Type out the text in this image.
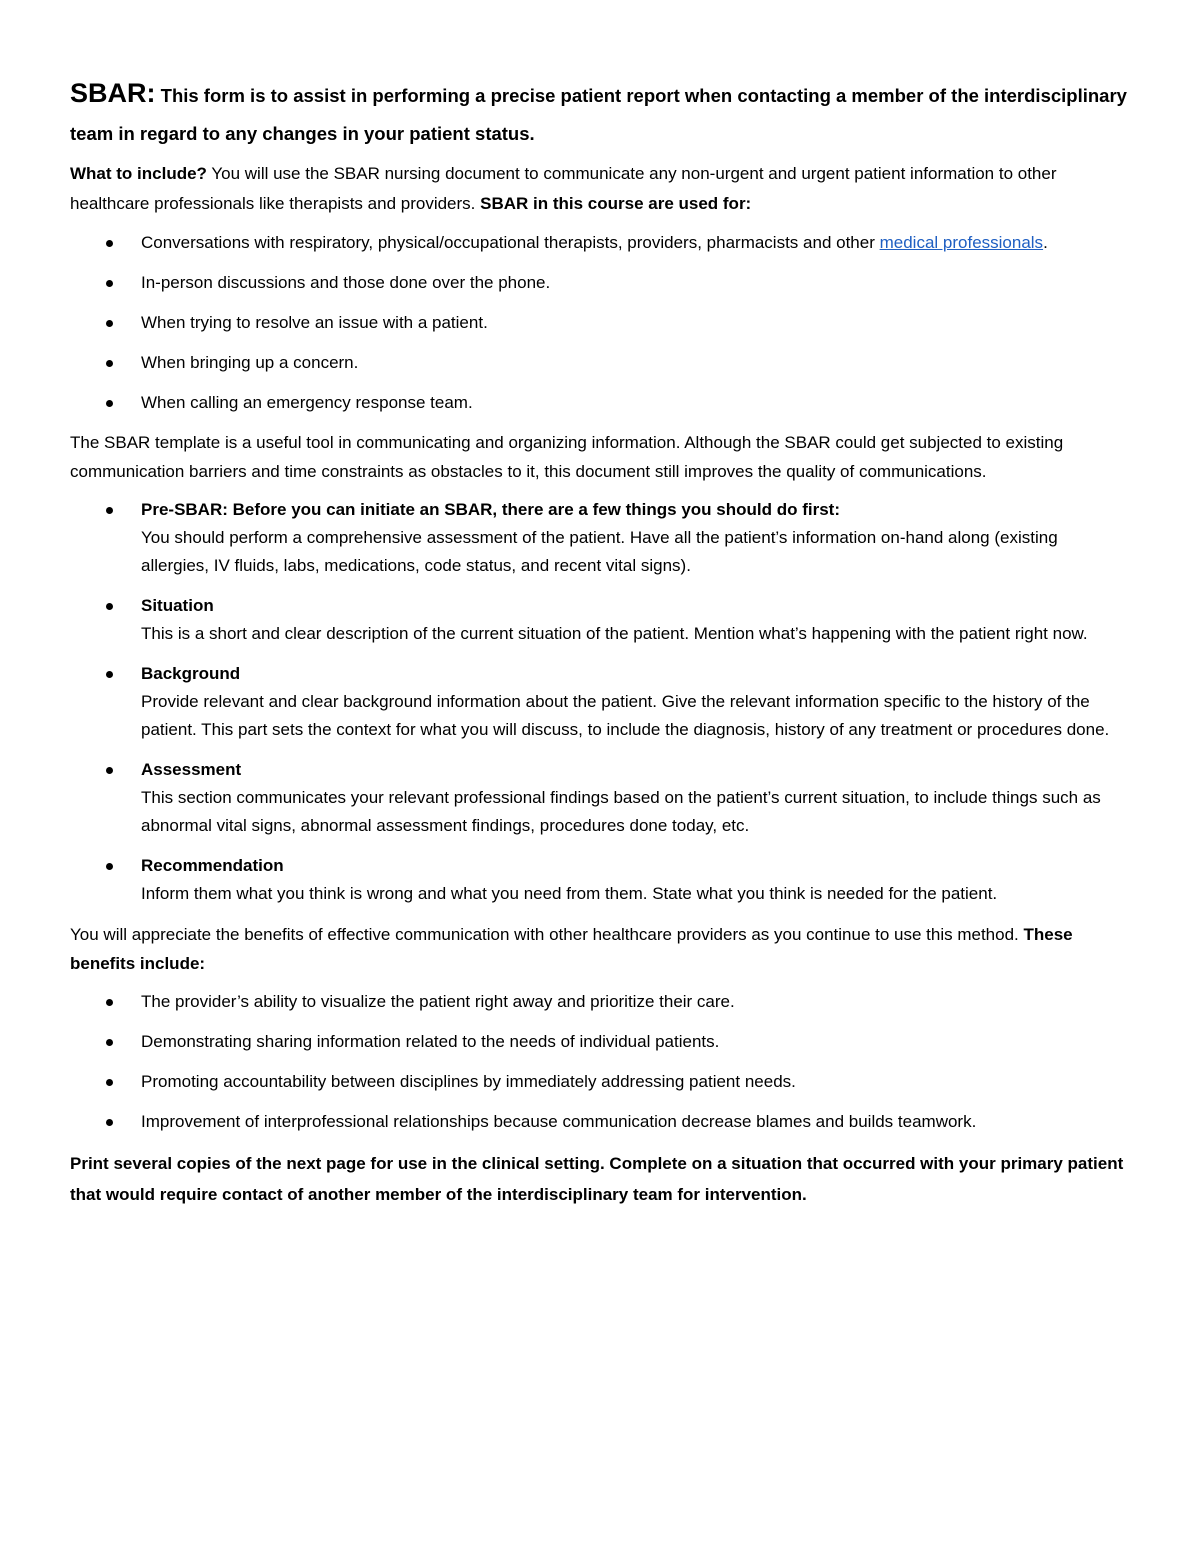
SBAR: This form is to assist in performing a precise patient report when contacting a member of the interdisciplinary team in regard to any changes in your patient status.

What to include? You will use the SBAR nursing document to communicate any non-urgent and urgent patient information to other healthcare professionals like therapists and providers. SBAR in this course are used for:

Conversations with respiratory, physical/occupational therapists, providers, pharmacists and other medical professionals.
In-person discussions and those done over the phone.
When trying to resolve an issue with a patient.
When bringing up a concern.
When calling an emergency response team.

The SBAR template is a useful tool in communicating and organizing information. Although the SBAR could get subjected to existing communication barriers and time constraints as obstacles to it, this document still improves the quality of communications.

Pre-SBAR: Before you can initiate an SBAR, there are a few things you should do first:
You should perform a comprehensive assessment of the patient. Have all the patient’s information on-hand along (existing allergies, IV fluids, labs, medications, code status, and recent vital signs).
Situation
This is a short and clear description of the current situation of the patient. Mention what’s happening with the patient right now.
Background
Provide relevant and clear background information about the patient. Give the relevant information specific to the history of the patient. This part sets the context for what you will discuss, to include the diagnosis, history of any treatment or procedures done.
Assessment
This section communicates your relevant professional findings based on the patient’s current situation, to include things such as abnormal vital signs, abnormal assessment findings, procedures done today, etc.
Recommendation
Inform them what you think is wrong and what you need from them. State what you think is needed for the patient.

You will appreciate the benefits of effective communication with other healthcare providers as you continue to use this method. These benefits include:

The provider’s ability to visualize the patient right away and prioritize their care.
Demonstrating sharing information related to the needs of individual patients.
Promoting accountability between disciplines by immediately addressing patient needs.
Improvement of interprofessional relationships because communication decrease blames and builds teamwork.

Print several copies of the next page for use in the clinical setting. Complete on a situation that occurred with your primary patient that would require contact of another member of the interdisciplinary team for intervention.
